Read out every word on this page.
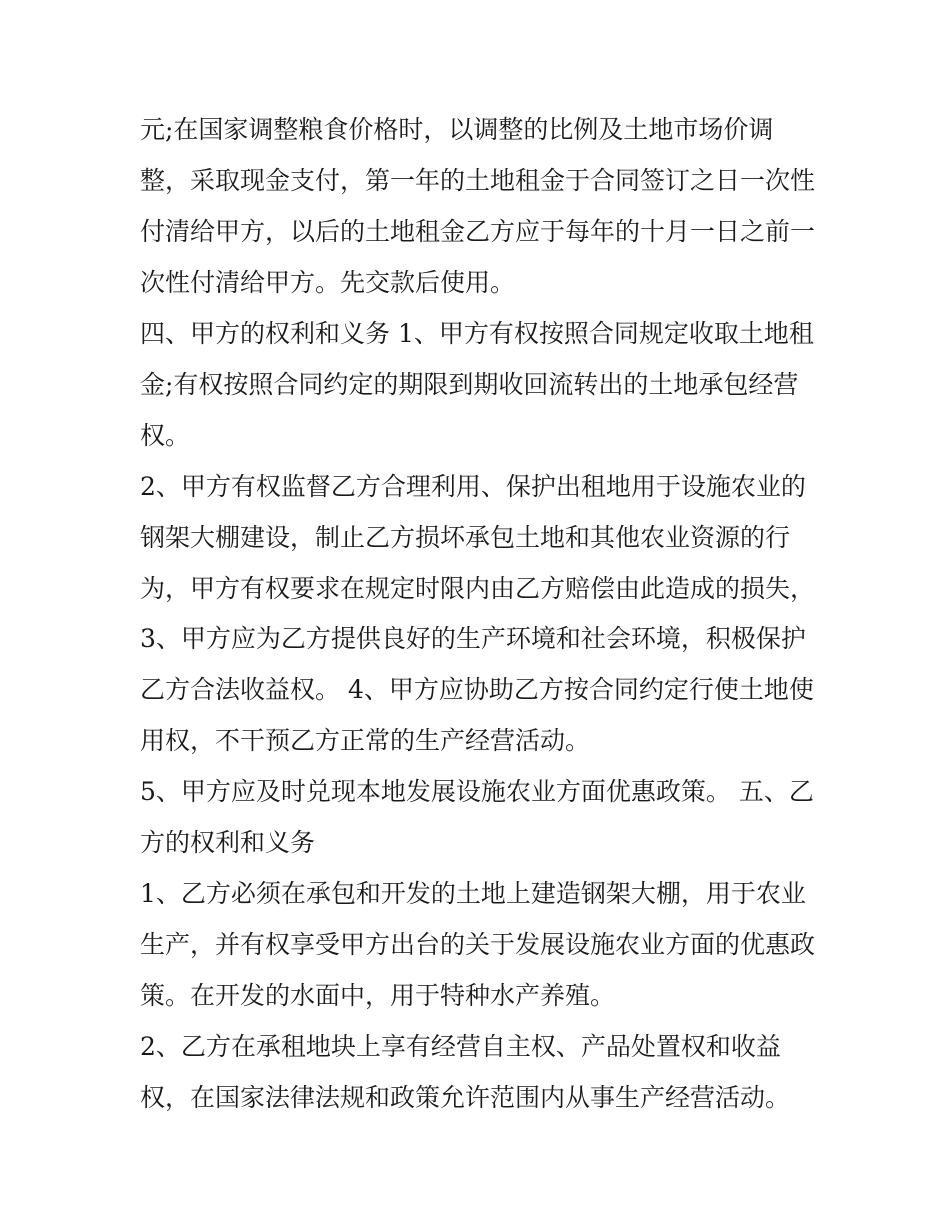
元;在国家调整粮食价格时，以调整的比例及土地市场价调
整，采取现金支付，第一年的土地租金于合同签订之日一次性
付清给甲方，以后的土地租金乙方应于每年的十月一日之前一
次性付清给甲方。先交款后使用。
四、甲方的权利和义务 1、甲方有权按照合同规定收取土地租
金;有权按照合同约定的期限到期收回流转出的土地承包经营
权。
2、甲方有权监督乙方合理利用、保护出租地用于设施农业的
钢架大棚建设，制止乙方损坏承包土地和其他农业资源的行
为，甲方有权要求在规定时限内由乙方赔偿由此造成的损失，
3、甲方应为乙方提供良好的生产环境和社会环境，积极保护
乙方合法收益权。 4、甲方应协助乙方按合同约定行使土地使
用权，不干预乙方正常的生产经营活动。
5、甲方应及时兑现本地发展设施农业方面优惠政策。 五、乙
方的权利和义务
1、乙方必须在承包和开发的土地上建造钢架大棚，用于农业
生产，并有权享受甲方出台的关于发展设施农业方面的优惠政
策。在开发的水面中，用于特种水产养殖。
2、乙方在承租地块上享有经营自主权、产品处置权和收益
权，在国家法律法规和政策允许范围内从事生产经营活动。
